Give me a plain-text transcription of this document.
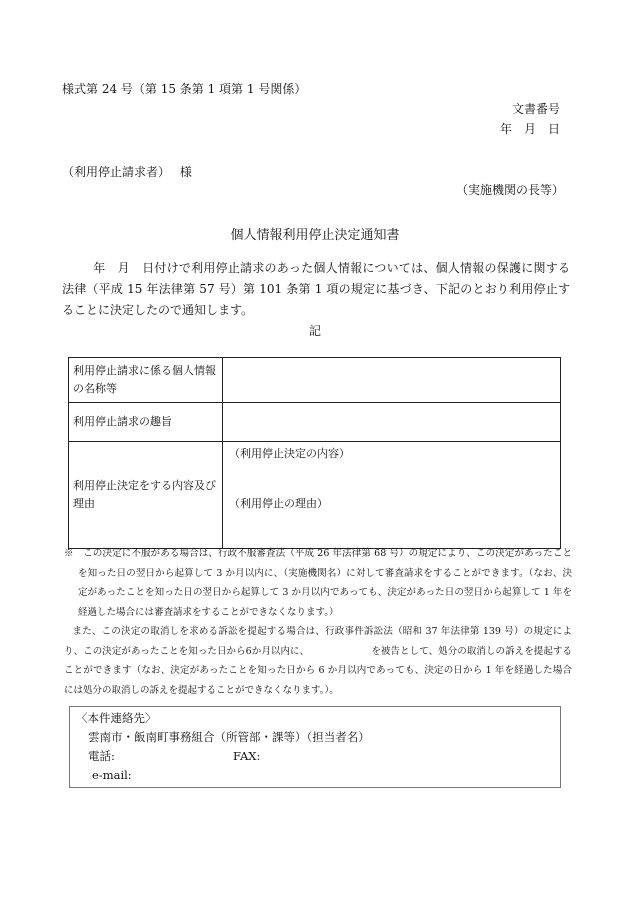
様式第 24 号（第 15 条第 1 項第 1 号関係）
文書番号
年　月　日
（利用停止請求者）　 様
（実施機関の長等）
個人情報利用停止決定通知書

年　月　日付けで利用停止請求のあった個人情報については、個人情報の保護に関する法律（平成 15 年法律第 57 号）第 101 条第 1 項の規定に基づき、下記のとおり利用停止することに決定したので通知します。

記
利用停止請求に係る個人情報の名称等	
利用停止請求の趣旨	
利用停止決定をする内容及び理由	（利用停止決定の内容）
（利用停止の理由）

※　この決定に不服がある場合は、行政不服審査法（平成 26 年法律第 68 号）の規定により、この決定があったことを知った日の翌日から起算して 3 か月以内に、（実施機関名）に対して審査請求をすることができます。（なお、決定があったことを知った日の翌日から起算して 3 か月以内であっても、決定があった日の翌日から起算して 1 年を経過した場合には審査請求をすることができなくなります。）

また、この決定の取消しを求める訴訟を提起する場合は、行政事件訴訟法（昭和 37 年法律第 139 号）の規定により、この決定があったことを知った日から6か月以内に、　　　　　　　を被告として、処分の取消しの訴えを提起することができます（なお、決定があったことを知った日から 6 か月以内であっても、決定の日から 1 年を経過した場合には処分の取消しの訴えを提起することができなくなります。）。

〈本件連絡先〉
雲南市・飯南町事務組合（所管部・課等）（担当者名）
電話:	FAX:
e-mail:
